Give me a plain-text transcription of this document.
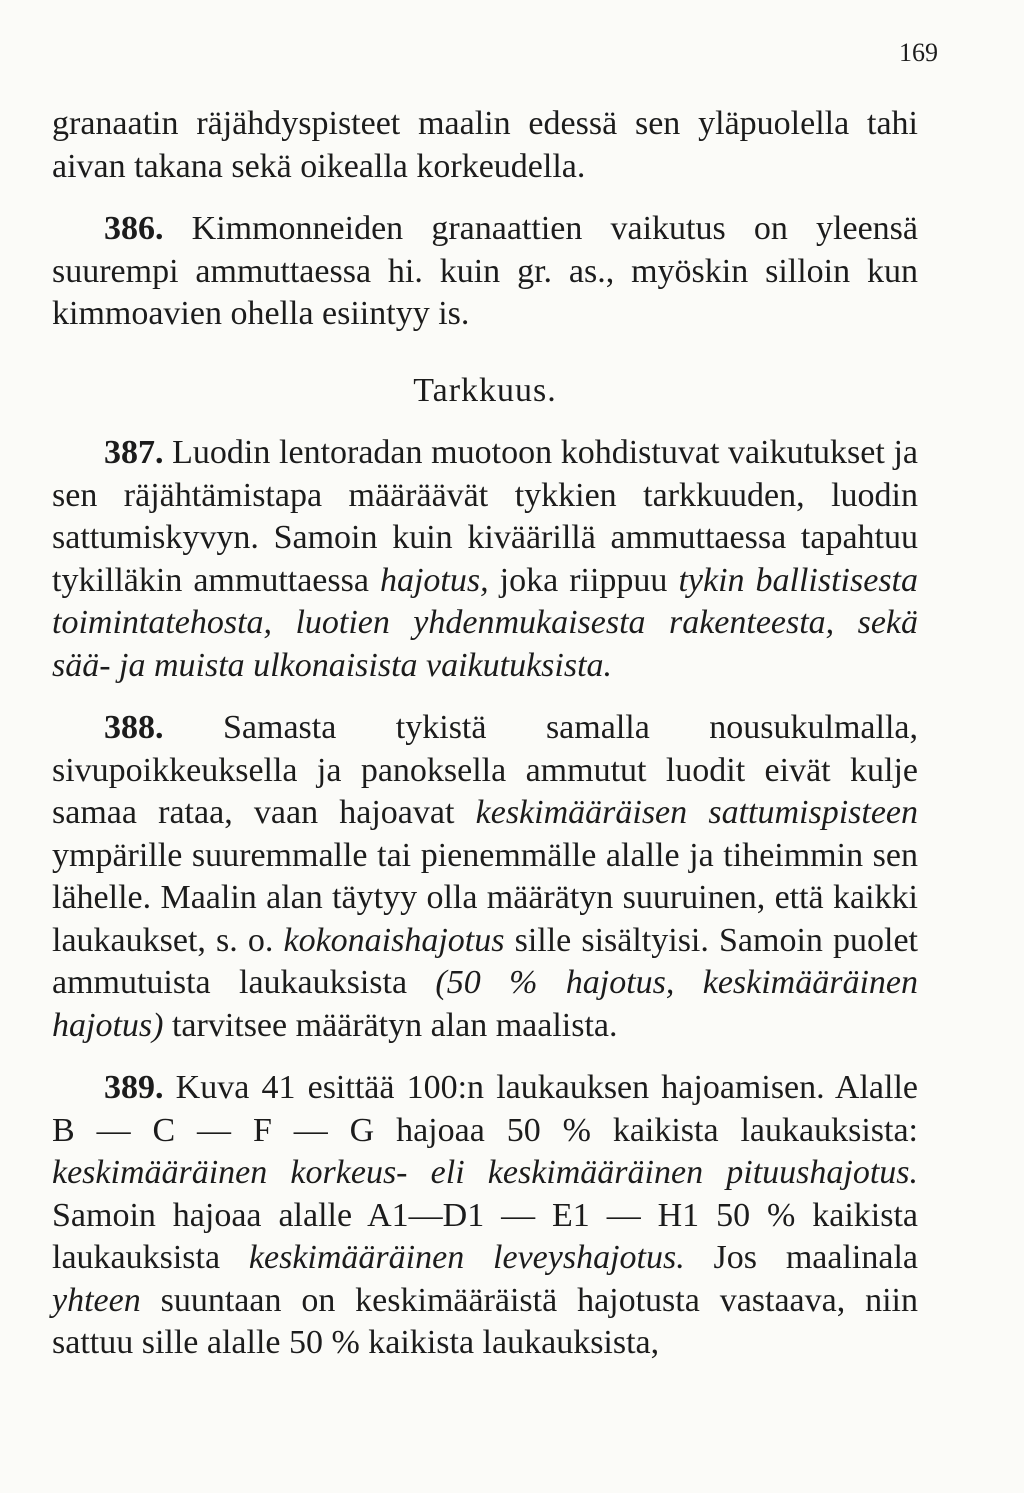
169

granaatin räjähdyspisteet maalin edessä sen yläpuolella tahi aivan takana sekä oikealla korkeudella.

386. Kimmonneiden granaattien vaikutus on yleensä suurempi ammuttaessa hi. kuin gr. as., myöskin silloin kun kimmoavien ohella esiintyy is.

Tarkkuus.

387. Luodin lentoradan muotoon kohdistuvat vaikutukset ja sen räjähtämistapa määräävät tykkien tarkkuuden, luodin sattumiskyvyn. Samoin kuin kiväärillä ammuttaessa tapahtuu tykilläkin ammuttaessa hajotus, joka riippuu tykin ballistisesta toimintatehosta, luotien yhdenmukaisesta rakenteesta, sekä sää- ja muista ulkonaisista vaikutuksista.

388. Samasta tykistä samalla nousukulmalla, sivupoikkeuksella ja panoksella ammutut luodit eivät kulje samaa rataa, vaan hajoavat keskimääräisen sattumispisteen ympärille suuremmalle tai pienemmälle alalle ja tiheimmin sen lähelle. Maalin alan täytyy olla määrätyn suuruinen, että kaikki laukaukset, s. o. kokonaishajotus sille sisältyisi. Samoin puolet ammutuista laukauksista (50 % hajotus, keskimääräinen hajotus) tarvitsee määrätyn alan maalista.

389. Kuva 41 esittää 100:n laukauksen hajoamisen. Alalle B — C — F — G hajoaa 50 % kaikista laukauksista: keskimääräinen korkeus- eli keskimääräinen pituushajotus. Samoin hajoaa alalle A1—D1 — E1 — H1 50 % kaikista laukauksista keskimääräinen leveyshajotus. Jos maalinala yhteen suuntaan on keskimääräistä hajotusta vastaava, niin sattuu sille alalle 50 % kaikista laukauksista,
